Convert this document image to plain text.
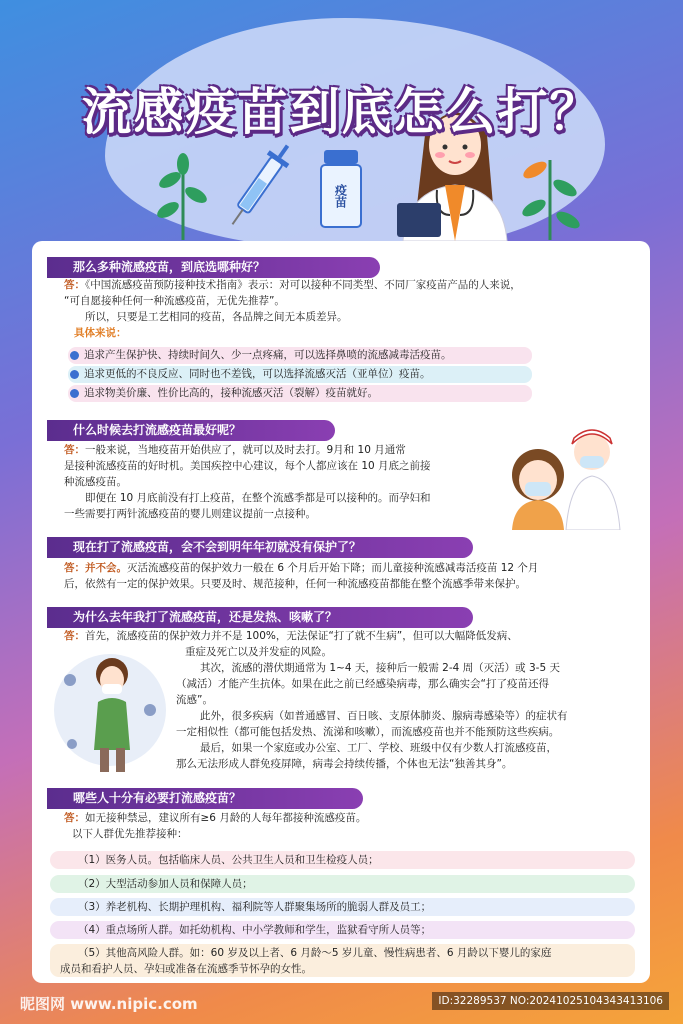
疫苗
流感疫苗到底怎么打？
那么多种流感疫苗，到底选哪种好？
答：《中国流感疫苗预防接种技术指南》表示：对可以接种不同类型、不同厂家疫苗产品的人来说，
“可自愿接种任何一种流感疫苗，无优先推荐”。
所以，只要是工艺相同的疫苗，各品牌之间无本质差异。
具体来说：
追求产生保护快、持续时间久、少一点疼痛，可以选择鼻喷的流感减毒活疫苗。
追求更低的不良反应、同时也不差钱，可以选择流感灭活（亚单位）疫苗。
追求物美价廉、性价比高的，接种流感灭活（裂解）疫苗就好。
什么时候去打流感疫苗最好呢？
答：一般来说，当地疫苗开始供应了，就可以及时去打。9月和 10 月通常
是接种流感疫苗的好时机。美国疾控中心建议，每个人都应该在 10 月底之前接
种流感疫苗。
即便在 10 月底前没有打上疫苗，在整个流感季都是可以接种的。而孕妇和
一些需要打两针流感疫苗的婴儿则建议提前一点接种。
现在打了流感疫苗，会不会到明年年初就没有保护了？
答：并不会。灭活流感疫苗的保护效力一般在 6 个月后开始下降；而儿童接种流感减毒活疫苗 12 个月
后，依然有一定的保护效果。只要及时、规范接种，任何一种流感疫苗都能在整个流感季带来保护。
为什么去年我打了流感疫苗，还是发热、咳嗽了？
答：首先，流感疫苗的保护效力并不是 100%，无法保证“打了就不生病”，但可以大幅降低发病、
重症及死亡以及并发症的风险。
其次，流感的潜伏期通常为 1~4 天，接种后一般需 2-4 周（灭活）或 3-5 天
（减活）才能产生抗体。如果在此之前已经感染病毒，那么确实会“打了疫苗还得
流感”。
此外，很多疾病（如普通感冒、百日咳、支原体肺炎、腺病毒感染等）的症状有
一定相似性（都可能包括发热、流涕和咳嗽），而流感疫苗也并不能预防这些疾病。
最后，如果一个家庭或办公室、工厂、学校、班级中仅有少数人打流感疫苗，
那么无法形成人群免疫屏障，病毒会持续传播，个体也无法“独善其身”。
哪些人十分有必要打流感疫苗？
答：如无接种禁忌，建议所有≥6 月龄的人每年都接种流感疫苗。
以下人群优先推荐接种：
（1）医务人员。包括临床人员、公共卫生人员和卫生检疫人员；
（2）大型活动参加人员和保障人员；
（3）养老机构、长期护理机构、福利院等人群聚集场所的脆弱人群及员工；
（4）重点场所人群。如托幼机构、中小学教师和学生，监狱看守所人员等；
（5）其他高风险人群。如：60 岁及以上者、6 月龄～5 岁儿童、慢性病患者、6 月龄以下婴儿的家庭
成员和看护人员、孕妇或准备在流感季节怀孕的女性。
昵图网 www.nipic.com	ID:32289537 NO:20241025104343413106
